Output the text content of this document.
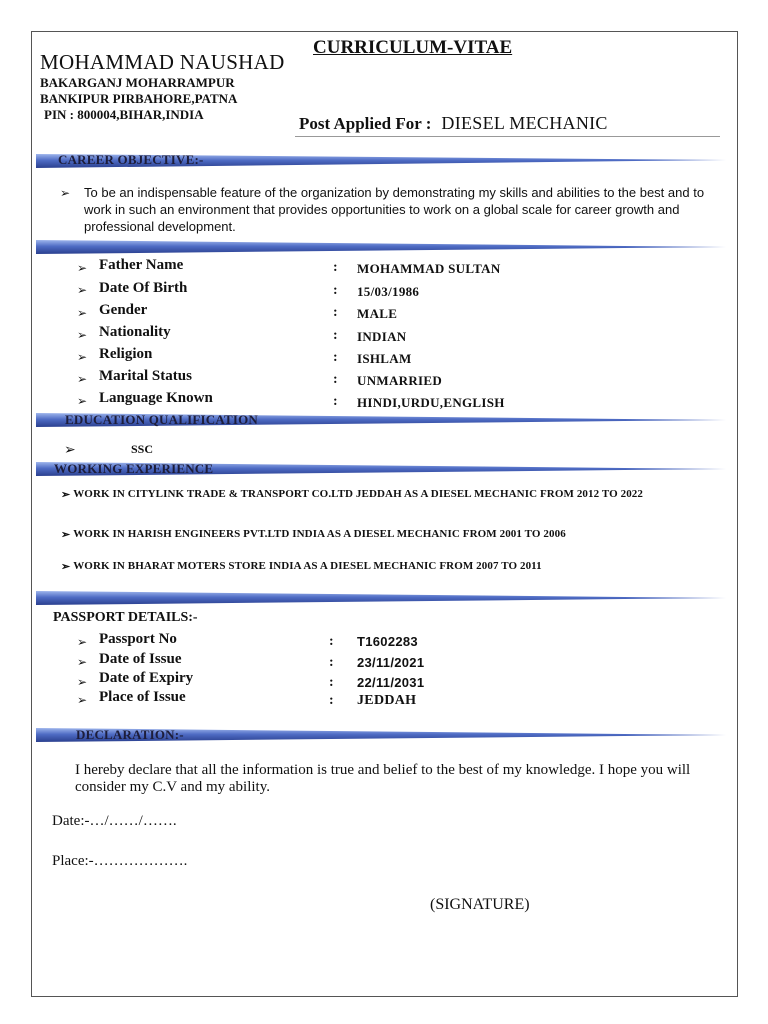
CURRICULUM-VITAE
MOHAMMAD NAUSHAD
BAKARGANJ MOHARRAMPUR
BANKIPUR PIRBAHORE,PATNA
PIN : 800004,BIHAR,INDIA	Post Applied For : DIESEL MECHANIC
CAREER OBJECTIVE:-
➢ To be an indispensable feature of the organization by demonstrating my skills and abilities to the best and to work in such an environment that provides opportunities to work on a global scale for career growth and professional development.
➢ Father Name	: MOHAMMAD SULTAN
➢ Date Of Birth	: 15/03/1986
➢ Gender	: MALE
➢ Nationality	: INDIAN
➢ Religion	: ISHLAM
➢ Marital Status	: UNMARRIED
➢ Language Known	: HINDI,URDU,ENGLISH
EDUCATION QUALIFICATION
➢	SSC
WORKING EXPERIENCE
➢ WORK IN CITYLINK TRADE & TRANSPORT CO.LTD JEDDAH AS A DIESEL MECHANIC FROM 2012 TO 2022
➢ WORK IN HARISH ENGINEERS PVT.LTD INDIA AS A DIESEL MECHANIC FROM 2001 TO 2006
➢ WORK IN BHARAT MOTERS STORE INDIA AS A DIESEL MECHANIC FROM 2007 TO 2011
PASSPORT DETAILS:-
➢ Passport No	: T1602283
➢ Date of Issue	: 23/11/2021
➢ Date of Expiry	: 22/11/2031
➢ Place of Issue	: JEDDAH
DECLARATION:-
I hereby declare that all the information is true and belief to the best of my knowledge. I hope you will consider my C.V and my ability.
Date:-…/……/…….
Place:-……………….
(SIGNATURE)
